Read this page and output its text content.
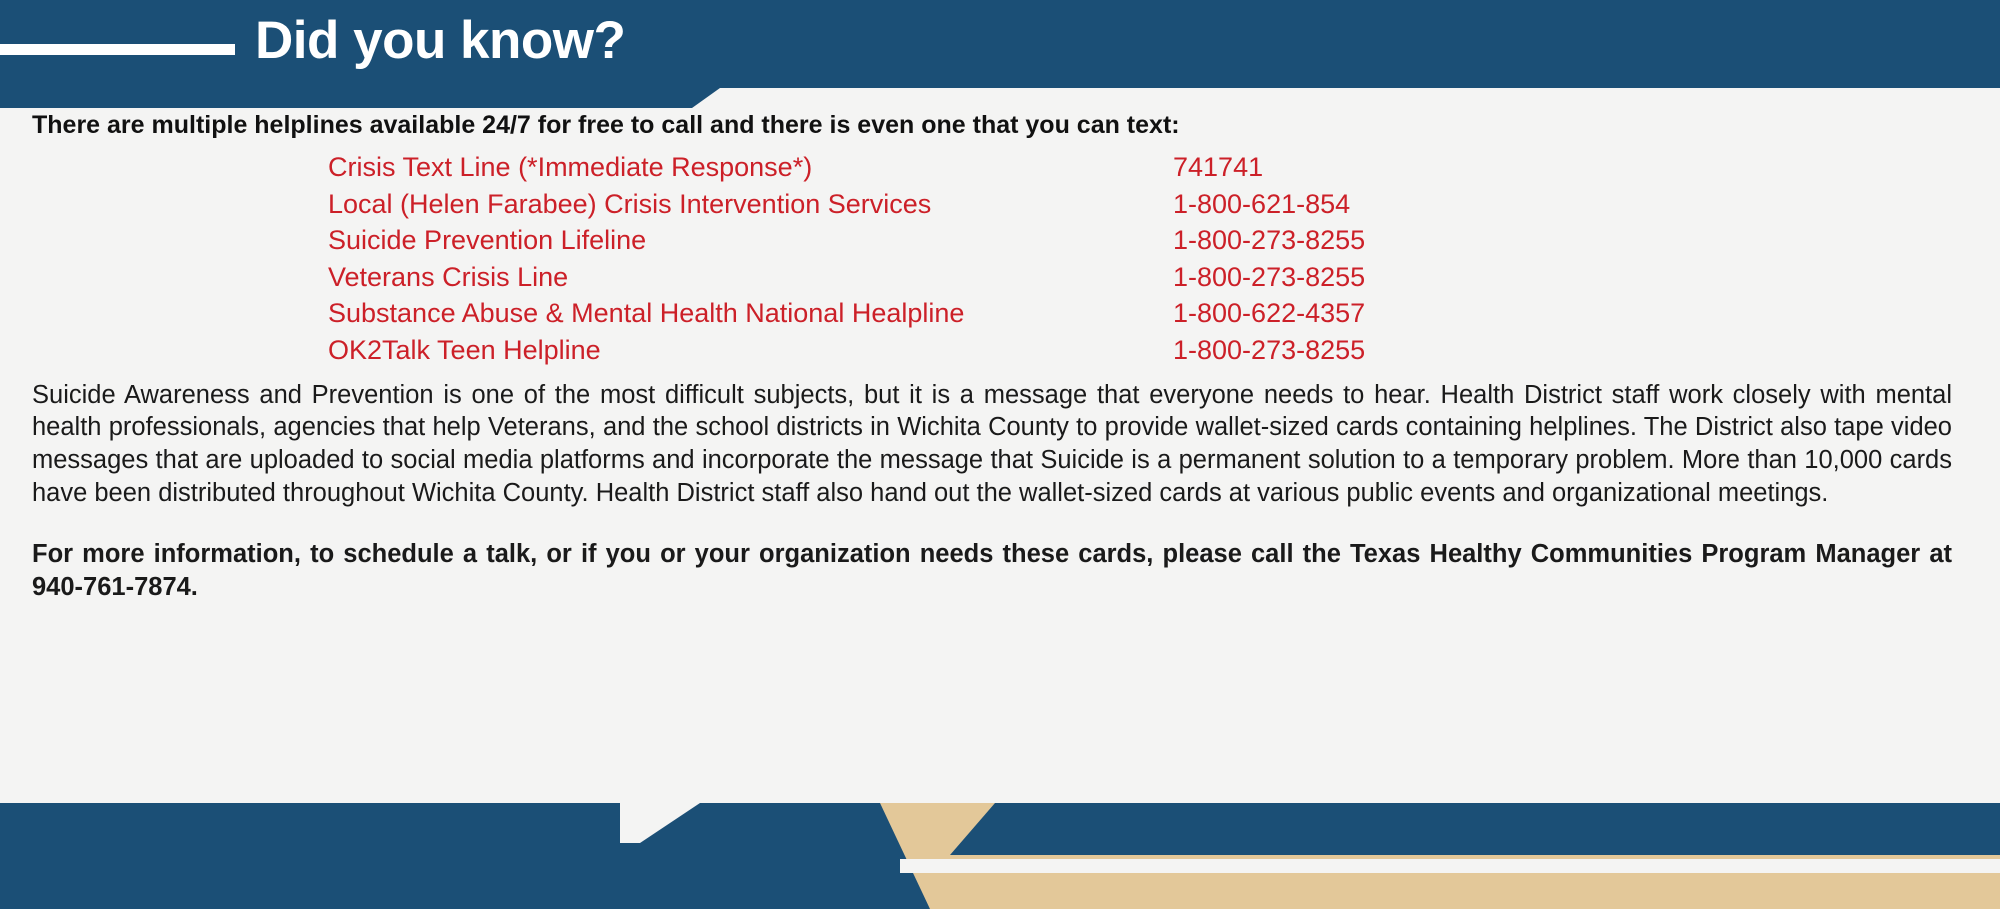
Did you know?

There are multiple helplines available 24/7 for free to call and there is even one that you can text:

Crisis Text Line (*Immediate Response*)	741741
Local (Helen Farabee) Crisis Intervention Services	1-800-621-854
Suicide Prevention Lifeline	1-800-273-8255
Veterans Crisis Line	1-800-273-8255
Substance Abuse & Mental Health National Healpline	1-800-622-4357
OK2Talk Teen Helpline	1-800-273-8255

Suicide Awareness and Prevention is one of the most difficult subjects, but it is a message that everyone needs to hear. Health District staff work closely with mental health professionals, agencies that help Veterans, and the school districts in Wichita County to provide wallet-sized cards containing helplines. The District also tape video messages that are uploaded to social media platforms and incorporate the message that Suicide is a permanent solution to a temporary problem. More than 10,000 cards have been distributed throughout Wichita County. Health District staff also hand out the wallet-sized cards at various public events and organizational meetings.

For more information, to schedule a talk, or if you or your organization needs these cards, please call the Texas Healthy Communities Program Manager at 940-761-7874.
